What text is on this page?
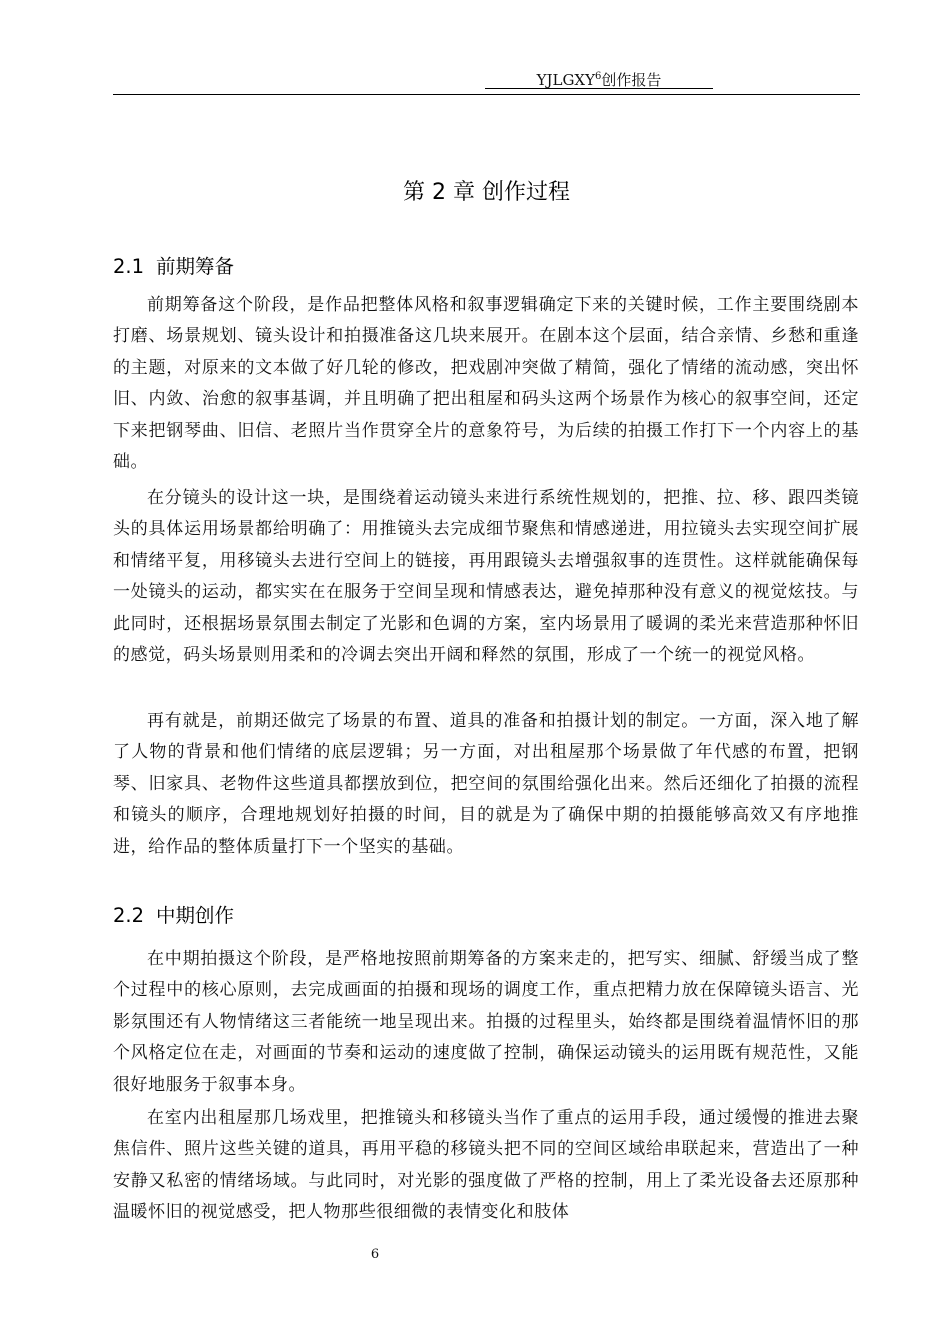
YJLGXY$^6$创作报告
第 2 章 创作过程
2.1 前期筹备

前期筹备这个阶段，是作品把整体风格和叙事逻辑确定下来的关键时候，工作主要围绕剧本打磨、场景规划、镜头设计和拍摄准备这几块来展开。在剧本这个层面，结合亲情、乡愁和重逢的主题，对原来的文本做了好几轮的修改，把戏剧冲突做了精简，强化了情绪的流动感，突出怀旧、内敛、治愈的叙事基调，并且明确了把出租屋和码头这两个场景作为核心的叙事空间，还定下来把钢琴曲、旧信、老照片当作贯穿全片的意象符号，为后续的拍摄工作打下一个内容上的基础。

在分镜头的设计这一块，是围绕着运动镜头来进行系统性规划的，把推、拉、移、跟四类镜头的具体运用场景都给明确了：用推镜头去完成细节聚焦和情感递进，用拉镜头去实现空间扩展和情绪平复，用移镜头去进行空间上的链接，再用跟镜头去增强叙事的连贯性。这样就能确保每一处镜头的运动，都实实在在服务于空间呈现和情感表达，避免掉那种没有意义的视觉炫技。与此同时，还根据场景氛围去制定了光影和色调的方案，室内场景用了暖调的柔光来营造那种怀旧的感觉，码头场景则用柔和的冷调去突出开阔和释然的氛围，形成了一个统一的视觉风格。

再有就是，前期还做完了场景的布置、道具的准备和拍摄计划的制定。一方面，深入地了解了人物的背景和他们情绪的底层逻辑；另一方面，对出租屋那个场景做了年代感的布置，把钢琴、旧家具、老物件这些道具都摆放到位，把空间的氛围给强化出来。然后还细化了拍摄的流程和镜头的顺序，合理地规划好拍摄的时间，目的就是为了确保中期的拍摄能够高效又有序地推进，给作品的整体质量打下一个坚实的基础。

2.2 中期创作

在中期拍摄这个阶段，是严格地按照前期筹备的方案来走的，把写实、细腻、舒缓当成了整个过程中的核心原则，去完成画面的拍摄和现场的调度工作，重点把精力放在保障镜头语言、光影氛围还有人物情绪这三者能统一地呈现出来。拍摄的过程里头，始终都是围绕着温情怀旧的那个风格定位在走，对画面的节奏和运动的速度做了控制，确保运动镜头的运用既有规范性，又能很好地服务于叙事本身。

在室内出租屋那几场戏里，把推镜头和移镜头当作了重点的运用手段，通过缓慢的推进去聚焦信件、照片这些关键的道具，再用平稳的移镜头把不同的空间区域给串联起来，营造出了一种安静又私密的情绪场域。与此同时，对光影的强度做了严格的控制，用上了柔光设备去还原那种温暖怀旧的视觉感受，把人物那些很细微的表情变化和肢体

6
